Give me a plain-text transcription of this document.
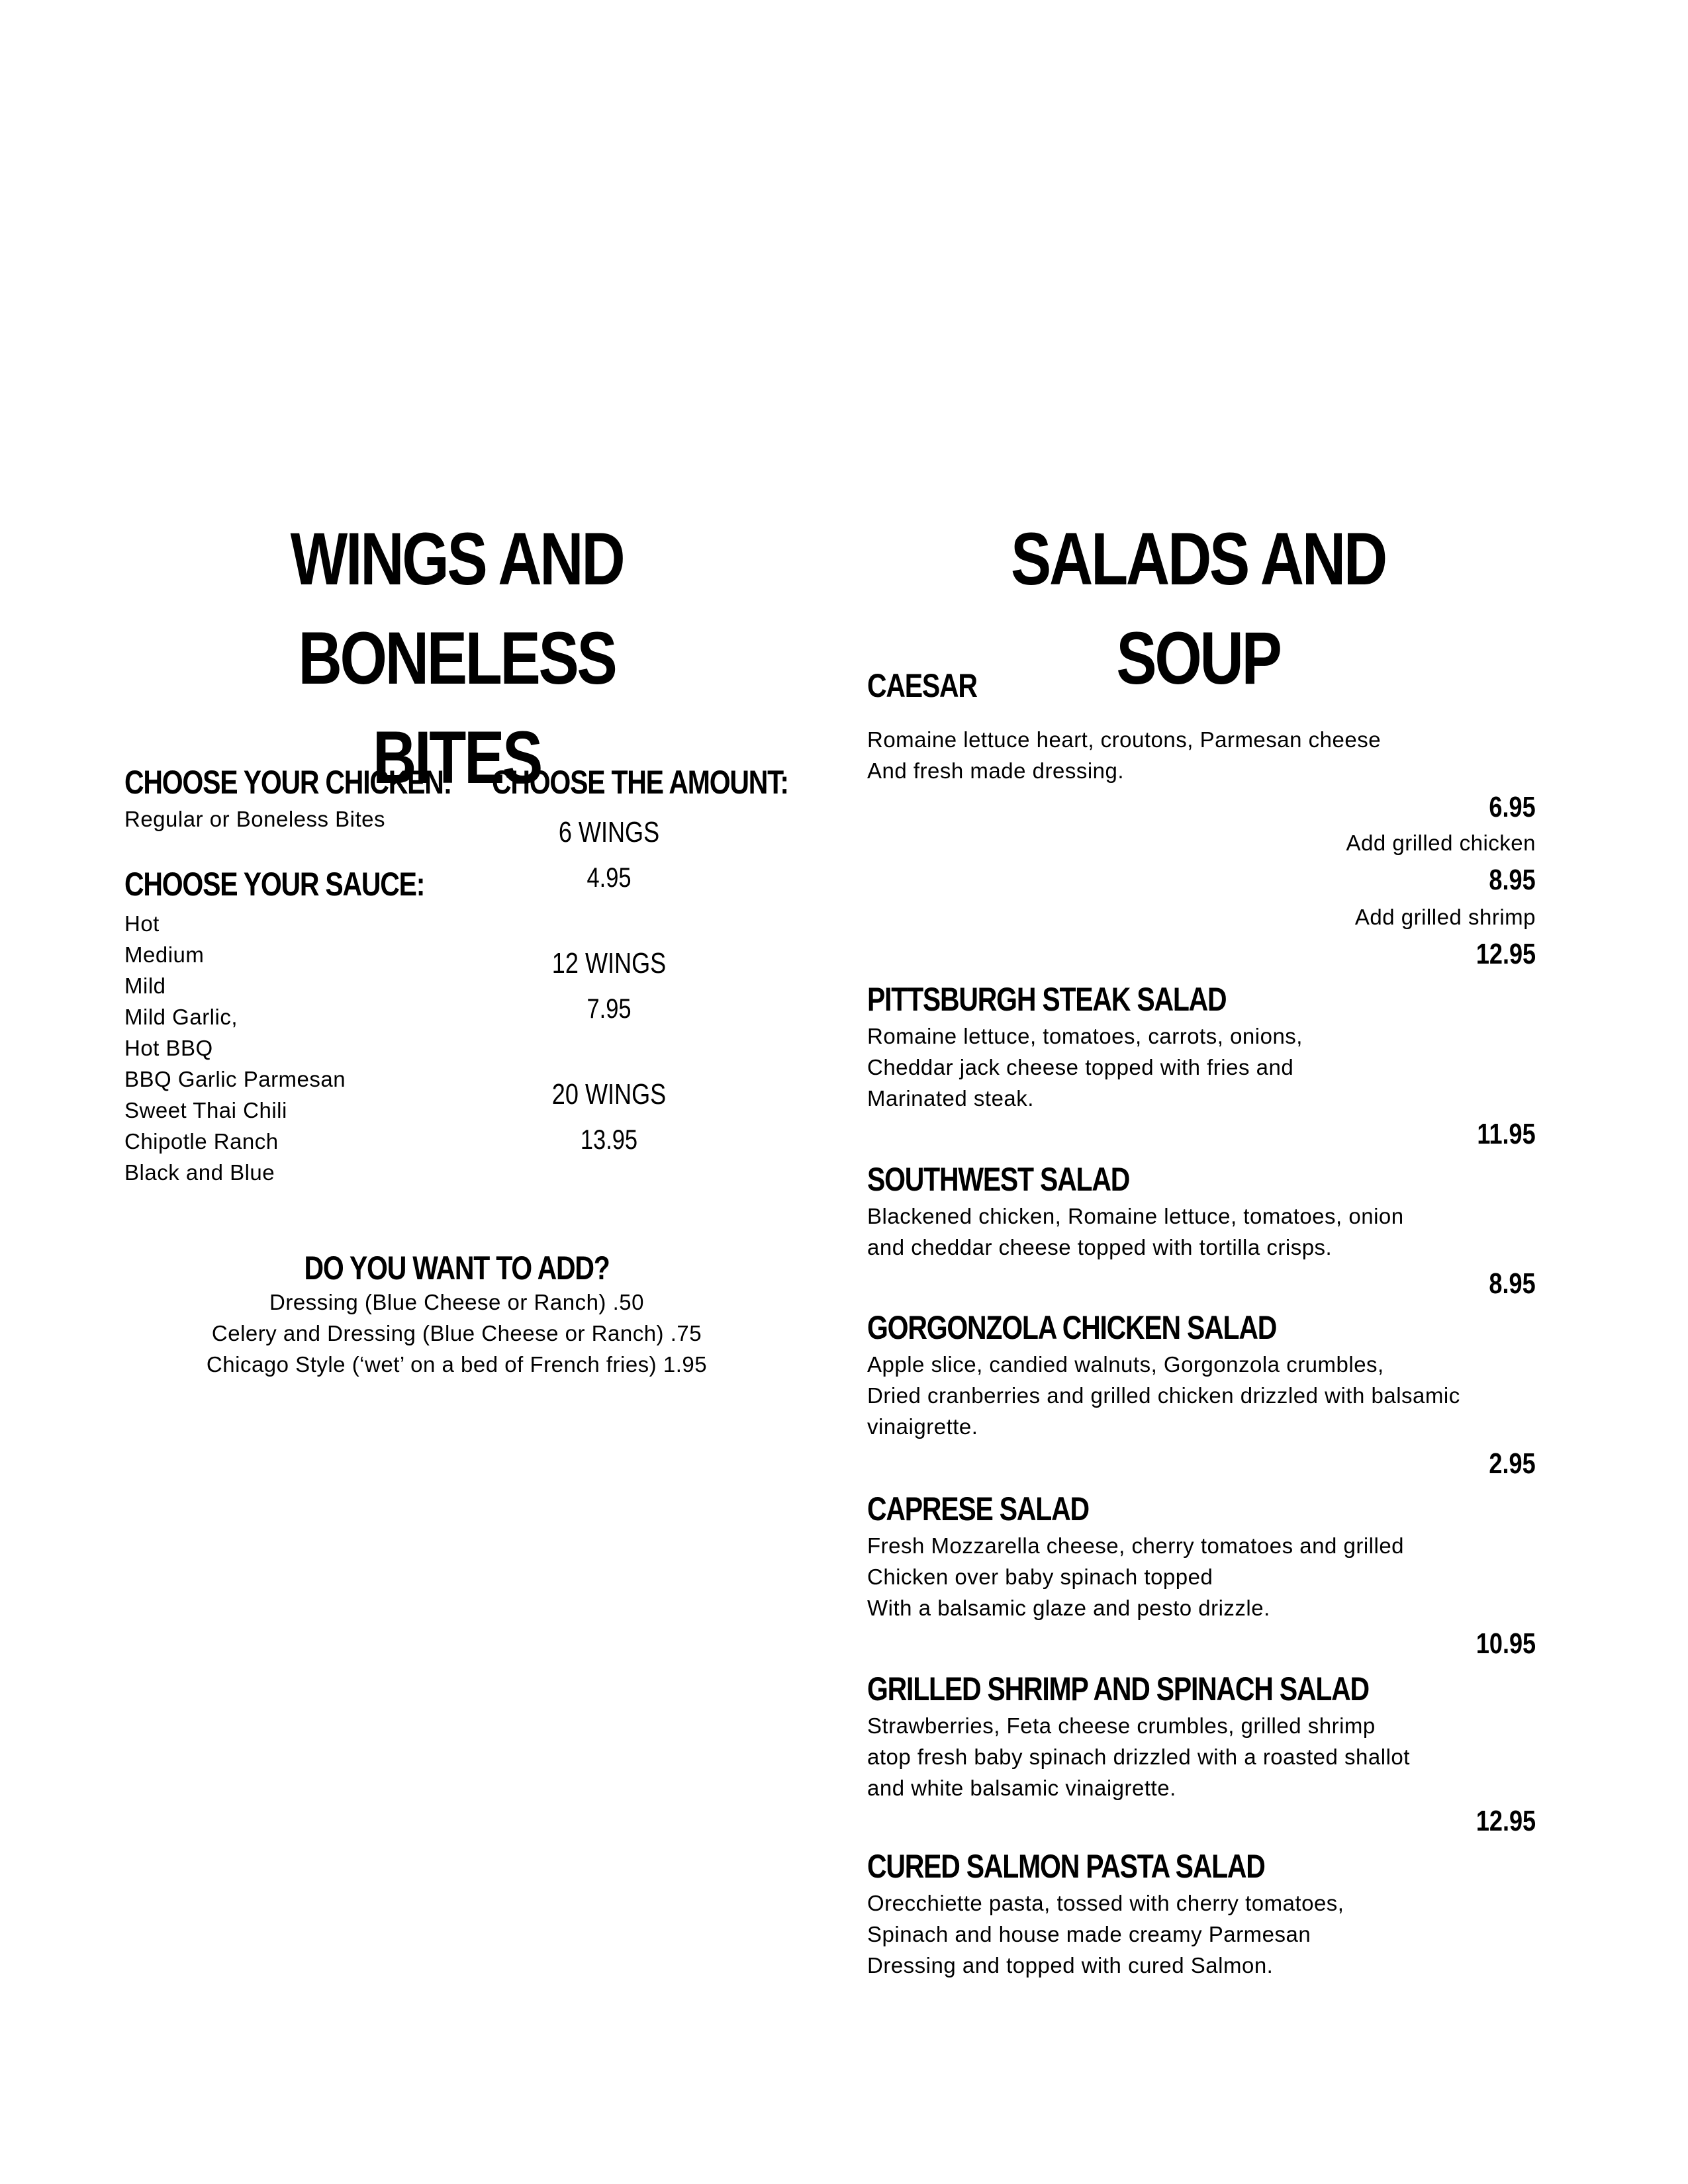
WINGS AND BONELESS
BITES
CHOOSE YOUR CHICKEN:
Regular or Boneless Bites
CHOOSE YOUR SAUCE:
Hot
Medium
Mild
Mild Garlic,
Hot BBQ
BBQ Garlic Parmesan
Sweet Thai Chili
Chipotle Ranch
Black and Blue
CHOOSE THE AMOUNT:
6 WINGS
4.95
12 WINGS
7.95
20 WINGS
13.95
DO YOU WANT TO ADD?
Dressing (Blue Cheese or Ranch) .50
Celery and Dressing (Blue Cheese or Ranch) .75
Chicago Style (‘wet’ on a bed of French fries) 1.95
SALADS AND SOUP
CAESAR
Romaine lettuce heart, croutons, Parmesan cheese
And fresh made dressing.
6.95
Add grilled chicken
8.95
Add grilled shrimp
12.95
PITTSBURGH STEAK SALAD
Romaine lettuce, tomatoes, carrots, onions,
Cheddar jack cheese topped with fries and
Marinated steak.
11.95
SOUTHWEST SALAD
Blackened chicken, Romaine lettuce, tomatoes, onion
and cheddar cheese topped with tortilla crisps.
8.95
GORGONZOLA CHICKEN SALAD
Apple slice, candied walnuts, Gorgonzola crumbles,
Dried cranberries and grilled chicken drizzled with balsamic
vinaigrette.
2.95
CAPRESE SALAD
Fresh Mozzarella cheese, cherry tomatoes and grilled
Chicken over baby spinach topped
With a balsamic glaze and pesto drizzle.
10.95
GRILLED SHRIMP AND SPINACH SALAD
Strawberries, Feta cheese crumbles, grilled shrimp
atop fresh baby spinach drizzled with a roasted shallot
and white balsamic vinaigrette.
12.95
CURED SALMON PASTA SALAD
Orecchiette pasta, tossed with cherry tomatoes,
Spinach and house made creamy Parmesan
Dressing and topped with cured Salmon.
